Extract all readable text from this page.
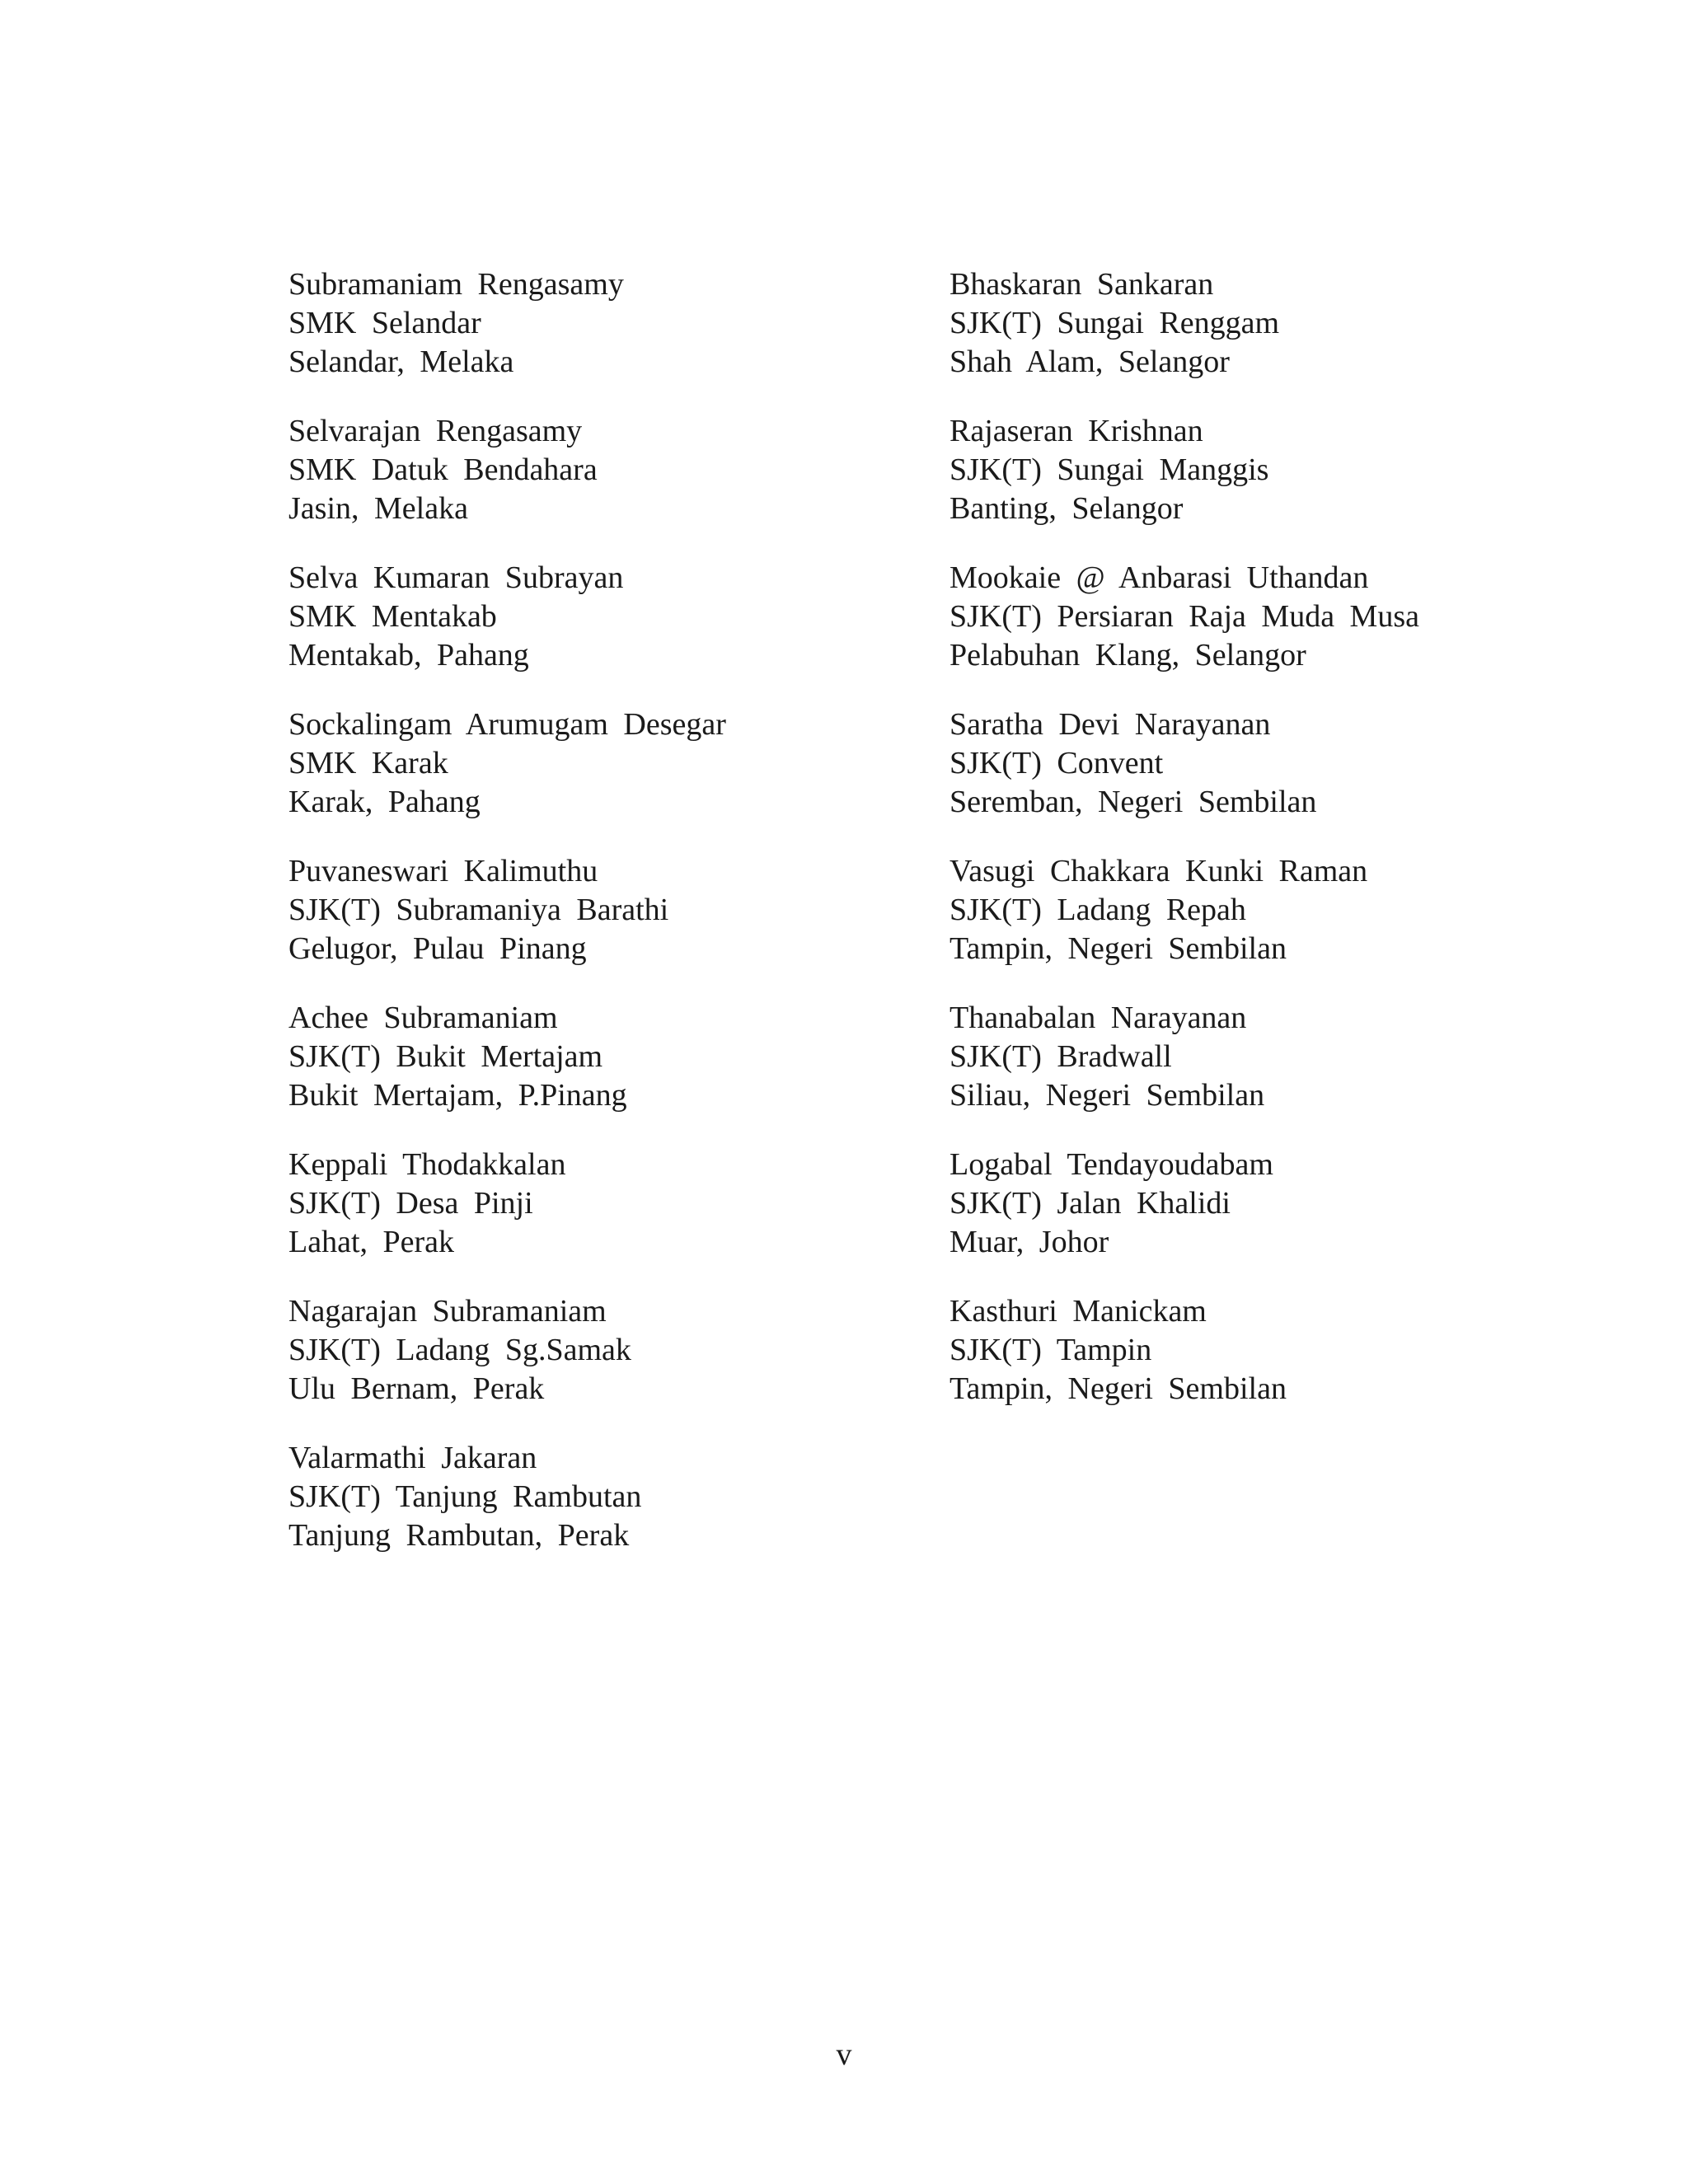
Subramaniam Rengasamy
SMK Selandar
Selandar, Melaka
Selvarajan Rengasamy
SMK Datuk Bendahara
Jasin, Melaka
Selva Kumaran Subrayan
SMK Mentakab
Mentakab, Pahang
Sockalingam Arumugam Desegar
SMK Karak
Karak, Pahang
Puvaneswari Kalimuthu
SJK(T) Subramaniya Barathi
Gelugor, Pulau Pinang
Achee Subramaniam
SJK(T) Bukit Mertajam
Bukit Mertajam, P.Pinang
Keppali Thodakkalan
SJK(T) Desa Pinji
Lahat, Perak
Nagarajan Subramaniam
SJK(T) Ladang Sg.Samak
Ulu Bernam, Perak
Valarmathi Jakaran
SJK(T) Tanjung Rambutan
Tanjung Rambutan, Perak
Bhaskaran Sankaran
SJK(T) Sungai Renggam
Shah Alam, Selangor
Rajaseran Krishnan
SJK(T) Sungai Manggis
Banting, Selangor
Mookaie @ Anbarasi Uthandan
SJK(T) Persiaran Raja Muda Musa
Pelabuhan Klang, Selangor
Saratha Devi Narayanan
SJK(T) Convent
Seremban, Negeri Sembilan
Vasugi Chakkara Kunki Raman
SJK(T) Ladang Repah
Tampin, Negeri Sembilan
Thanabalan Narayanan
SJK(T) Bradwall
Siliau, Negeri Sembilan
Logabal Tendayoudabam
SJK(T) Jalan Khalidi
Muar, Johor
Kasthuri Manickam
SJK(T) Tampin
Tampin, Negeri Sembilan
v
